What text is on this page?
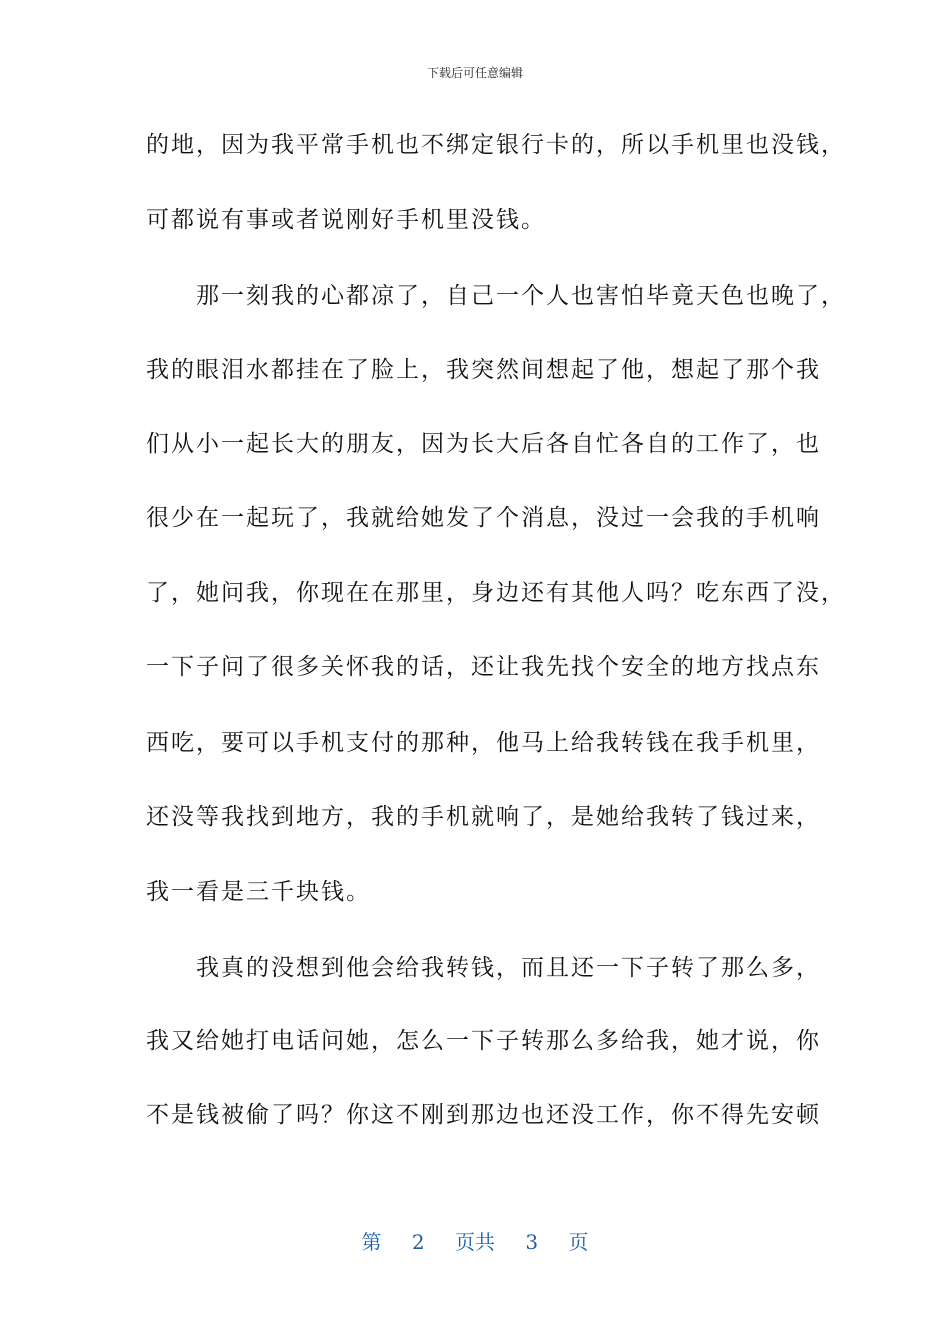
下载后可任意编辑
的地，因为我平常手机也不绑定银行卡的，所以手机里也没钱，
可都说有事或者说刚好手机里没钱。
　　那一刻我的心都凉了，自己一个人也害怕毕竟天色也晚了，
我的眼泪水都挂在了脸上，我突然间想起了他，想起了那个我
们从小一起长大的朋友，因为长大后各自忙各自的工作了，也
很少在一起玩了，我就给她发了个消息，没过一会我的手机响
了，她问我，你现在在那里，身边还有其他人吗？吃东西了没，
一下子问了很多关怀我的话，还让我先找个安全的地方找点东
西吃，要可以手机支付的那种，他马上给我转钱在我手机里，
还没等我找到地方，我的手机就响了，是她给我转了钱过来，
我一看是三千块钱。
　　我真的没想到他会给我转钱，而且还一下子转了那么多，
我又给她打电话问她，怎么一下子转那么多给我，她才说，你
不是钱被偷了吗？你这不刚到那边也还没工作，你不得先安顿
第 2 页共 3 页
